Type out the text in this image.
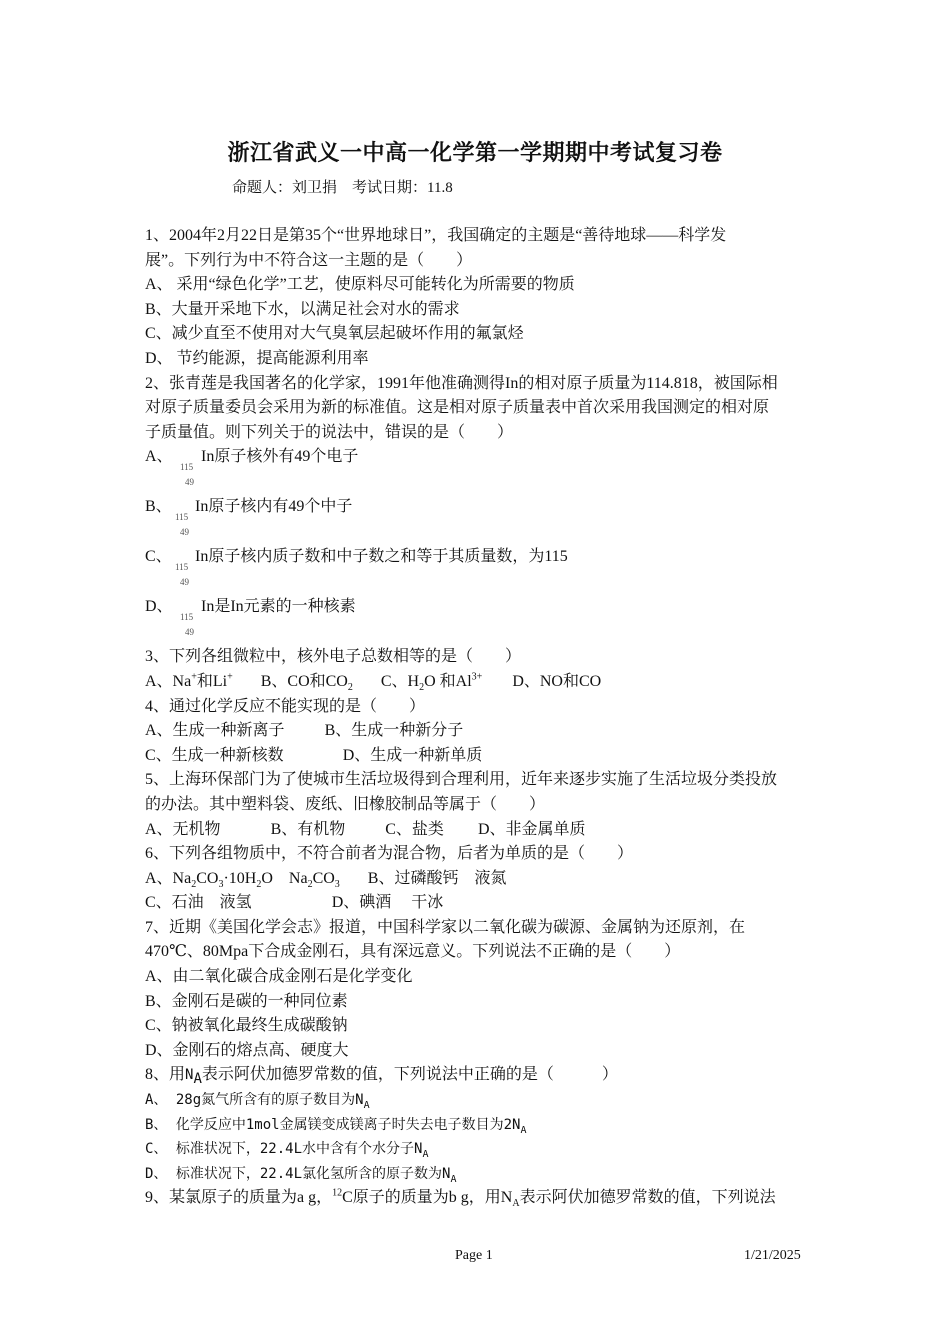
浙江省武义一中高一化学第一学期期中考试复习卷
命题人：刘卫捐　考试日期：11.8
1、2004年2月22日是第35个“世界地球日”，我国确定的主题是“善待地球——科学发
展”。下列行为中不符合这一主题的是（　　）
A、 采用“绿色化学”工艺，使原料尽可能转化为所需要的物质
B、大量开采地下水，以满足社会对水的需求
C、减少直至不使用对大气臭氧层起破坏作用的氟氯烃
D、 节约能源，提高能源利用率
2、张青莲是我国著名的化学家，1991年他准确测得In的相对原子质量为114.818，被国际相
对原子质量委员会采用为新的标准值。这是相对原子质量表中首次采用我国测定的相对原
子质量值。则下列关于的说法中，错误的是（　　）
A、
115
49
In原子核外有49个电子
B、
115
49
In原子核内有49个中子
C、
115
49
In原子核内质子数和中子数之和等于其质量数，为115
D、
115
49
In是In元素的一种核素
3、下列各组微粒中，核外电子总数相等的是（　　）
A、Na+和Li+ B、CO和$CO_2$ C、$H_2O$ 和$Al^{3+}$ D、NO和CO
4、通过化学反应不能实现的是（　　）
A、生成一种新离子	B、生成一种新分子
C、生成一种新核数	D、生成一种新单质
5、上海环保部门为了使城市生活垃圾得到合理利用，近年来逐步实施了生活垃圾分类投放
的办法。其中塑料袋、废纸、旧橡胶制品等属于（　　）
A、无机物	B、有机物	C、盐类 D、非金属单质
6、下列各组物质中，不符合前者为混合物，后者为单质的是（　　）
A、$Na_2CO_3\cdot 10H_2O$　$Na_2CO_3$ B、过磷酸钙　液氮
C、石油　液氢	D、碘酒　 干冰
7、近期《美国化学会志》报道，中国科学家以二氧化碳为碳源、金属钠为还原剂，在
470℃、80Mpa下合成金刚石，具有深远意义。下列说法不正确的是（　　）
A、由二氧化碳合成金刚石是化学变化
B、金刚石是碳的一种同位素
C、钠被氧化最终生成碳酸钠
D、金刚石的熔点高、硬度大
8、用$N_A$表示阿伏加德罗常数的值，下列说法中正确的是（　　　）
A、 28g氮气所含有的原子数目为$N_A$
B、 化学反应中1mol金属镁变成镁离子时失去电子数目为$2N_A$
C、 标准状况下，22.4L水中含有个水分子$N_A$
D、 标准状况下，22.4L氯化氢所含的原子数为$N_A$
9、某氯原子的质量为a g，$^{12}$C原子的质量为b g，用$N_A$表示阿伏加德罗常数的值，下列说法
Page 1	1/21/2025
